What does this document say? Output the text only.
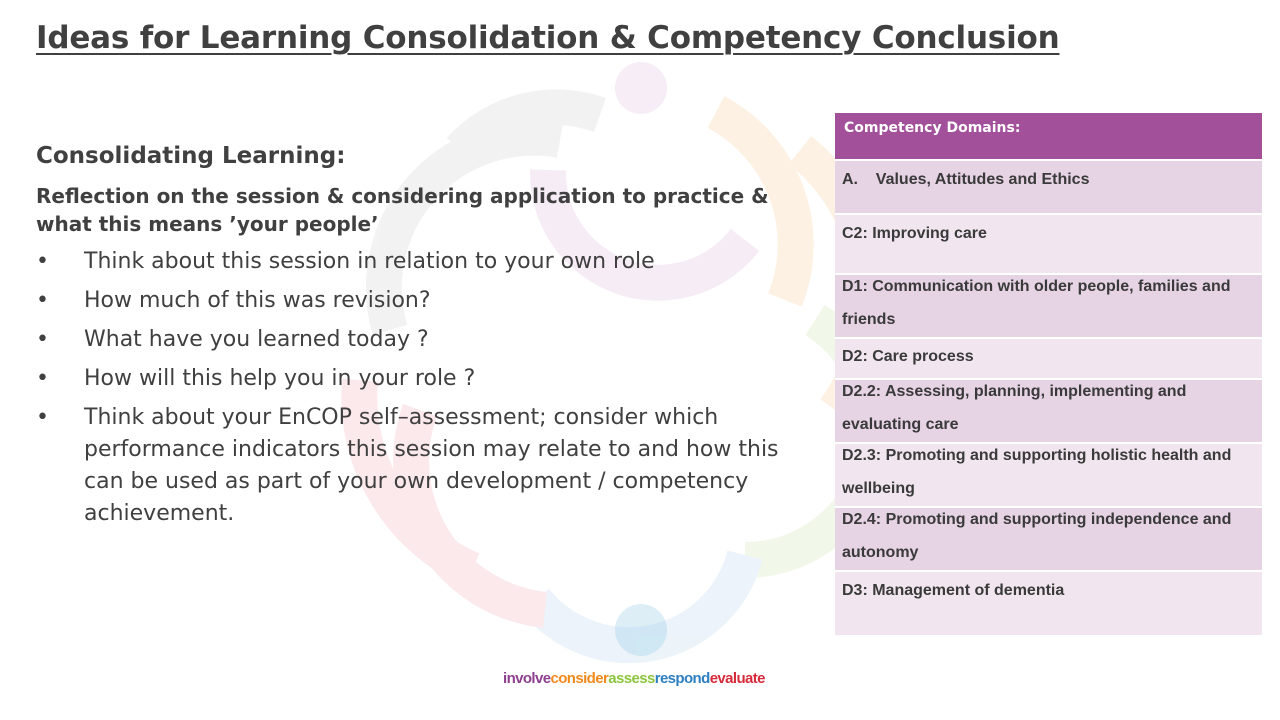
Ideas for Learning Consolidation & Competency Conclusion
Consolidating Learning:

Reflection on the session & considering application to practice & what this means ’your people’

• Think about this session in relation to your own role
• How much of this was revision?
• What have you learned today ?
• How will this help you in your role ?
• Think about your EnCOP self–assessment; consider which performance indicators this session may relate to and how this can be used as part of your own development / competency achievement.
Competency Domains:
A.    Values, Attitudes and Ethics
C2: Improving care
D1: Communication with older people, families and friends
D2: Care process
D2.2: Assessing, planning, implementing and evaluating care
D2.3: Promoting and supporting holistic health and wellbeing
D2.4: Promoting and supporting independence and autonomy
D3: Management of dementia
involveconsiderassessrespondevaluate
